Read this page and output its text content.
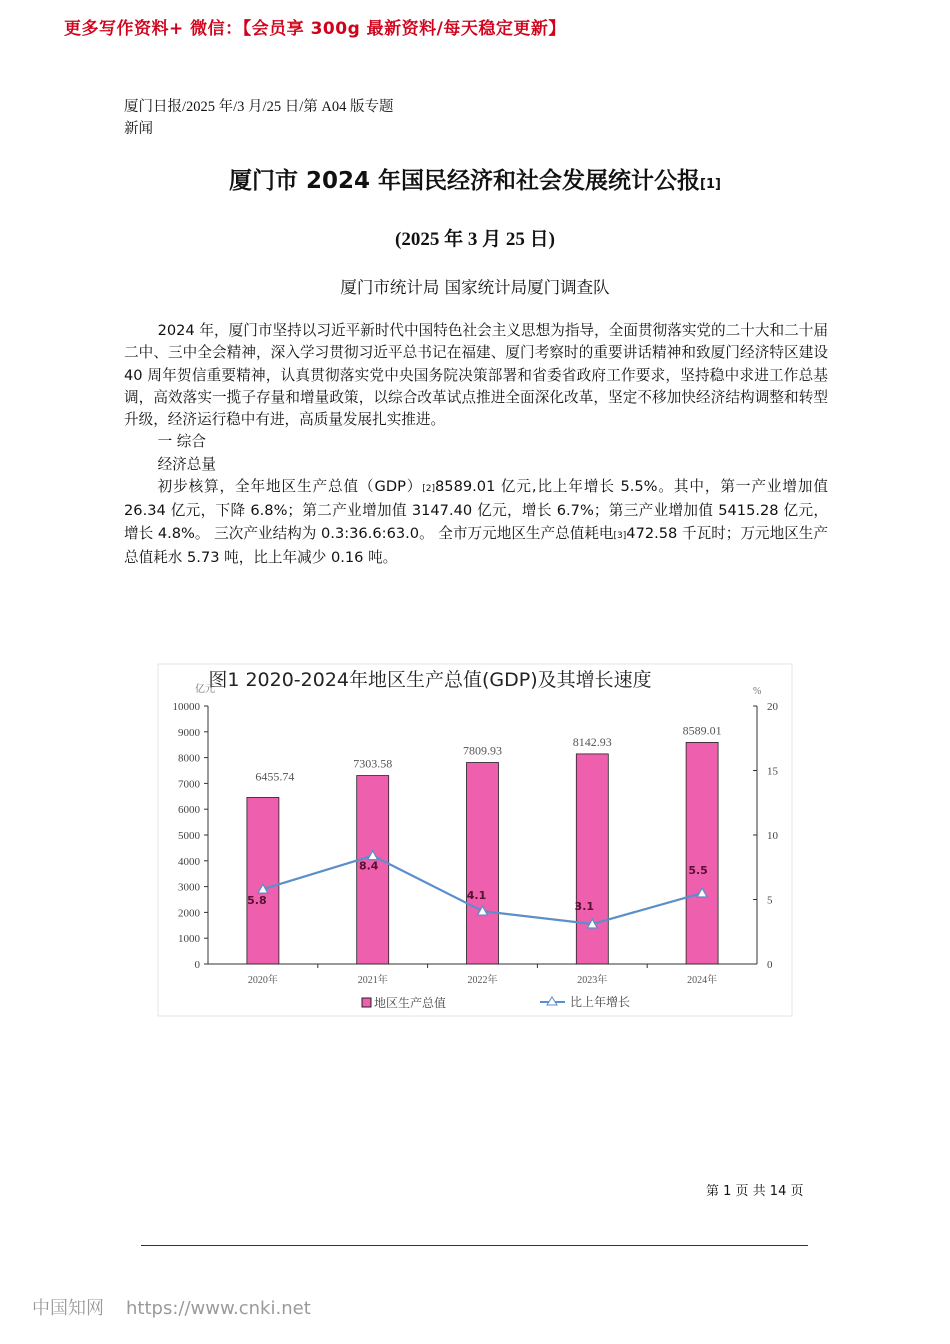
更多写作资料+ 微信：【会员享 300g 最新资料/每天稳定更新】
厦门日报/2025 年/3 月/25 日/第 A04 版专题新闻
厦门市 2024 年国民经济和社会发展统计公报[1]
(2025 年 3 月 25 日)
厦门市统计局 国家统计局厦门调查队

2024 年，厦门市坚持以习近平新时代中国特色社会主义思想为指导，全面贯彻落实党的二十大和二十届二中、三中全会精神，深入学习贯彻习近平总书记在福建、厦门考察时的重要讲话精神和致厦门经济特区建设 40 周年贺信重要精神，认真贯彻落实党中央国务院决策部署和省委省政府工作要求，坚持稳中求进工作总基调，高效落实一揽子存量和增量政策，以综合改革试点推进全面深化改革，坚定不移加快经济结构调整和转型升级，经济运行稳中有进，高质量发展扎实推进。

一 综合

经济总量

初步核算，全年地区生产总值（GDP）[2]8589.01 亿元,比上年增长 5.5%。其中，第一产业增加值 26.34 亿元，下降 6.8%；第二产业增加值 3147.40 亿元，增长 6.7%；第三产业增加值 5415.28 亿元， 增长 4.8%。 三次产业结构为 0.3:36.6:63.0。 全市万元地区生产总值耗电[3]472.58 千瓦时；万元地区生产总值耗水 5.73 吨，比上年减少 0.16 吨。

图1 2020-2024年地区生产总值(GDP)及其增长速度
亿元	%
0
1000
2000
3000
4000
5000
6000
7000
8000
9000
10000
0
5
10
15
20
2020年
6455.74
2021年
7303.58
2022年
7809.93
2023年
8142.93
2024年
8589.01
5.8
8.4
4.1
3.1
5.5
地区生产总值	比上年增长
第 1 页 共 14 页
中国知网 https://www.cnki.net
